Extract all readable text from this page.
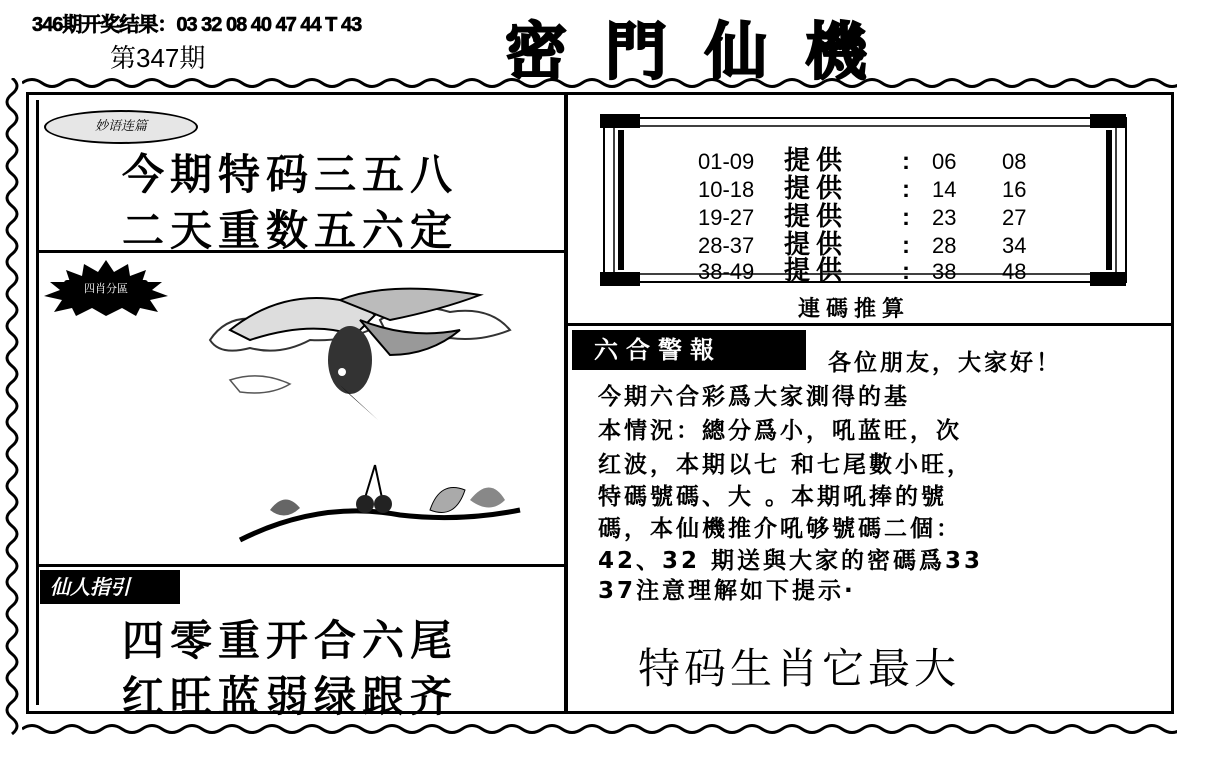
346期开奖结果：03 32 08 40 47 44 T 43
第347期	密門仙機
妙语连篇
今期特码三五八
二天重数五六定
四肖分區
仙人指引
四零重开合六尾
红旺蓝弱绿跟齐
01-09 提供 : 06 08
10-18 提供 : 14 16
19-27 提供 : 23 27
28-37 提供 : 28 34
38-49 提供 : 38 48
連碼推算
六合警報	各位朋友，大家好！
今期六合彩爲大家測得的基
本情況：總分爲小，吼蓝旺，次
红波，本期以七 和七尾數小旺，
特碼號碼、大 。本期吼捧的號
碼，本仙機推介吼够號碼二個：
42、32 期送與大家的密碼爲33
37注意理解如下提示·
特码生肖它最大
